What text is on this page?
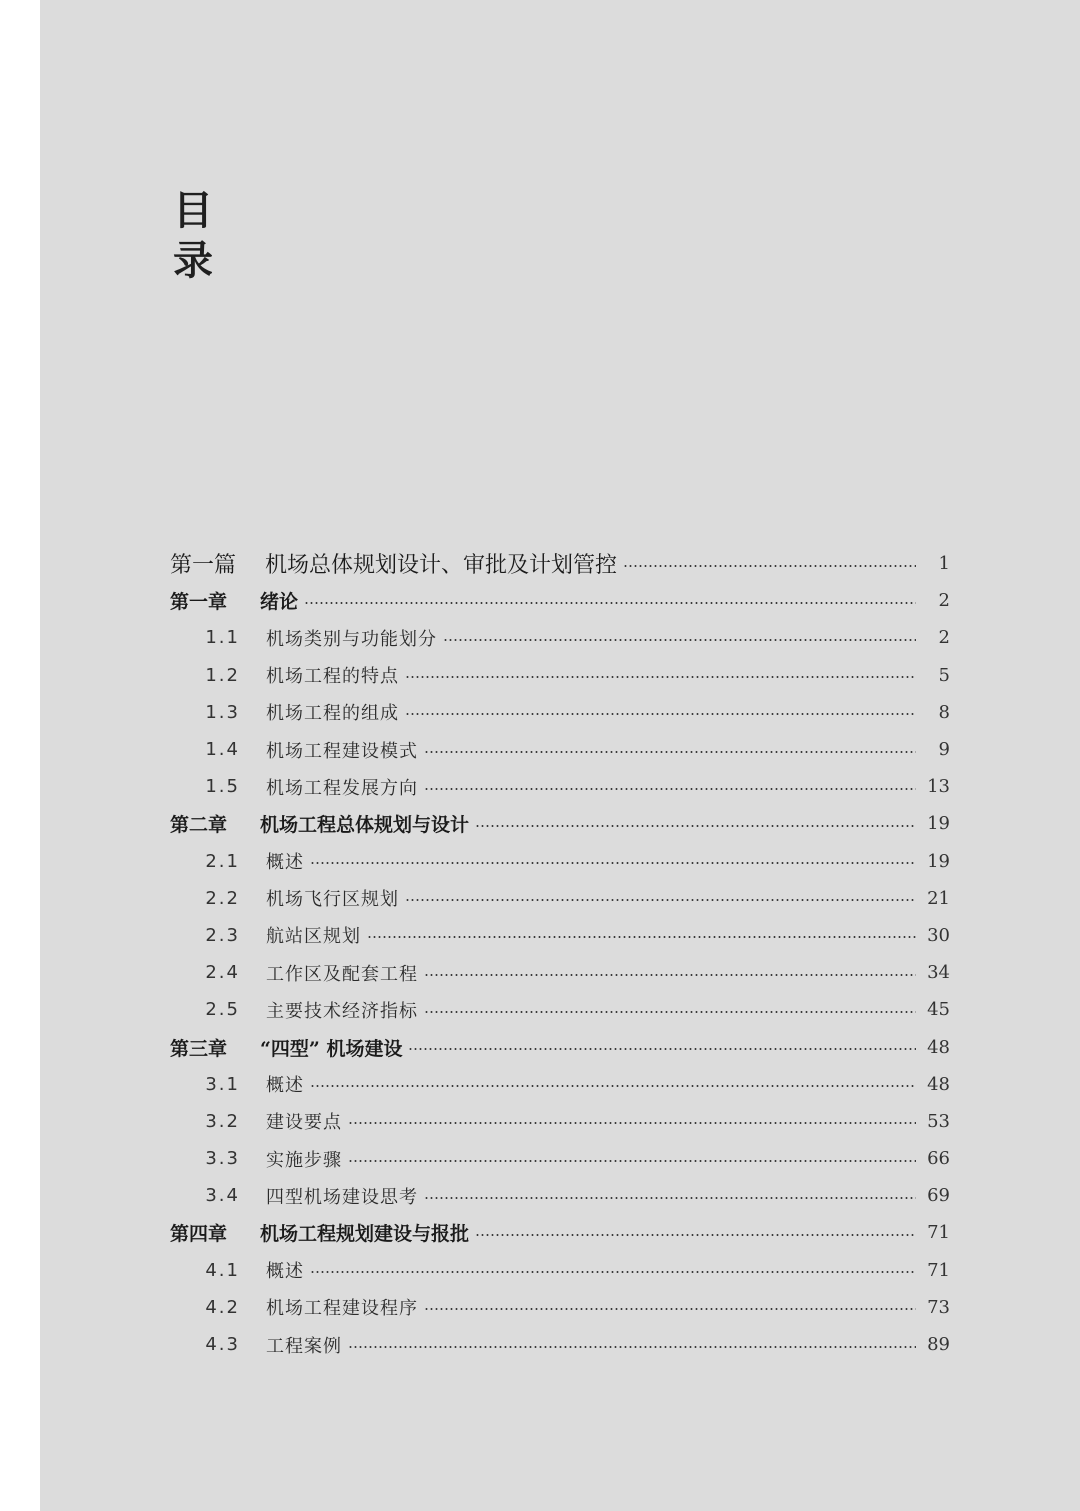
目
录
第一篇	机场总体规划设计、审批及计划管控	1
第一章	绪论	2
1.1	机场类别与功能划分	2
1.2	机场工程的特点	5
1.3	机场工程的组成	8
1.4	机场工程建设模式	9
1.5	机场工程发展方向	13
第二章	机场工程总体规划与设计	19
2.1	概述	19
2.2	机场飞行区规划	21
2.3	航站区规划	30
2.4	工作区及配套工程	34
2.5	主要技术经济指标	45
第三章	“四型” 机场建设	48
3.1	概述	48
3.2	建设要点	53
3.3	实施步骤	66
3.4	四型机场建设思考	69
第四章	机场工程规划建设与报批	71
4.1	概述	71
4.2	机场工程建设程序	73
4.3	工程案例	89
